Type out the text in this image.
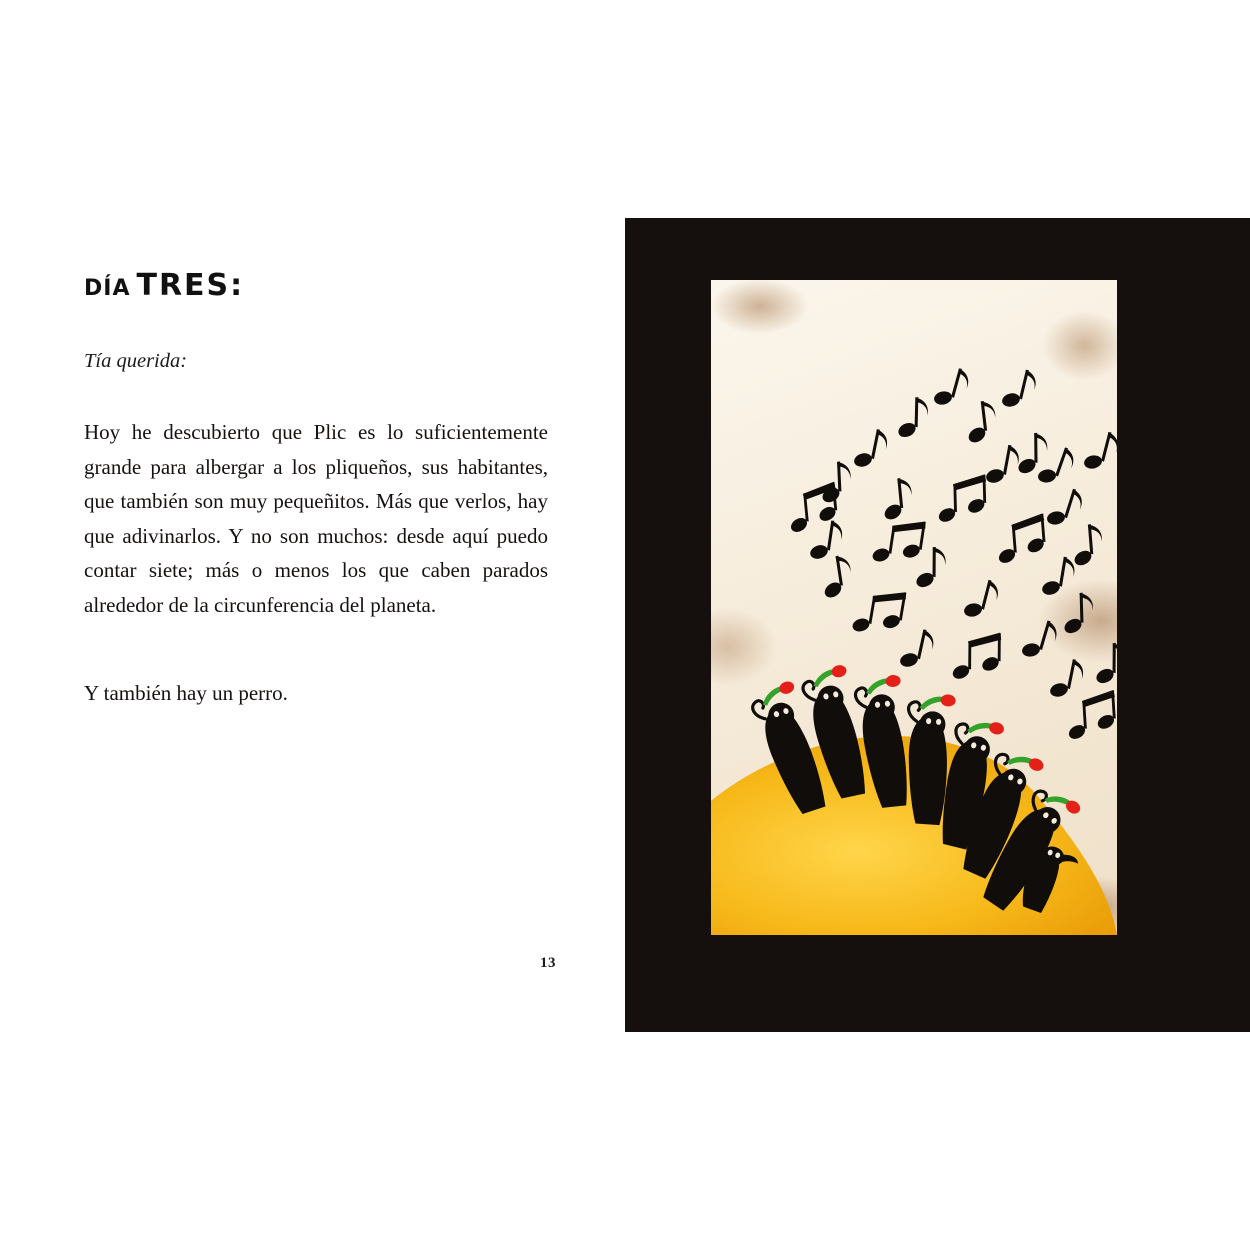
DÍA TRES:
Tía querida:
Hoy he descubierto que Plic es lo suficientemente grande para albergar a los pliqueños, sus habitantes, que también son muy pequeñitos. Más que verlos, hay que adivinarlos. Y no son muchos: desde aquí puedo contar siete; más o menos los que caben parados alrededor de la circunferencia del planeta.
Y también hay un perro.
13
